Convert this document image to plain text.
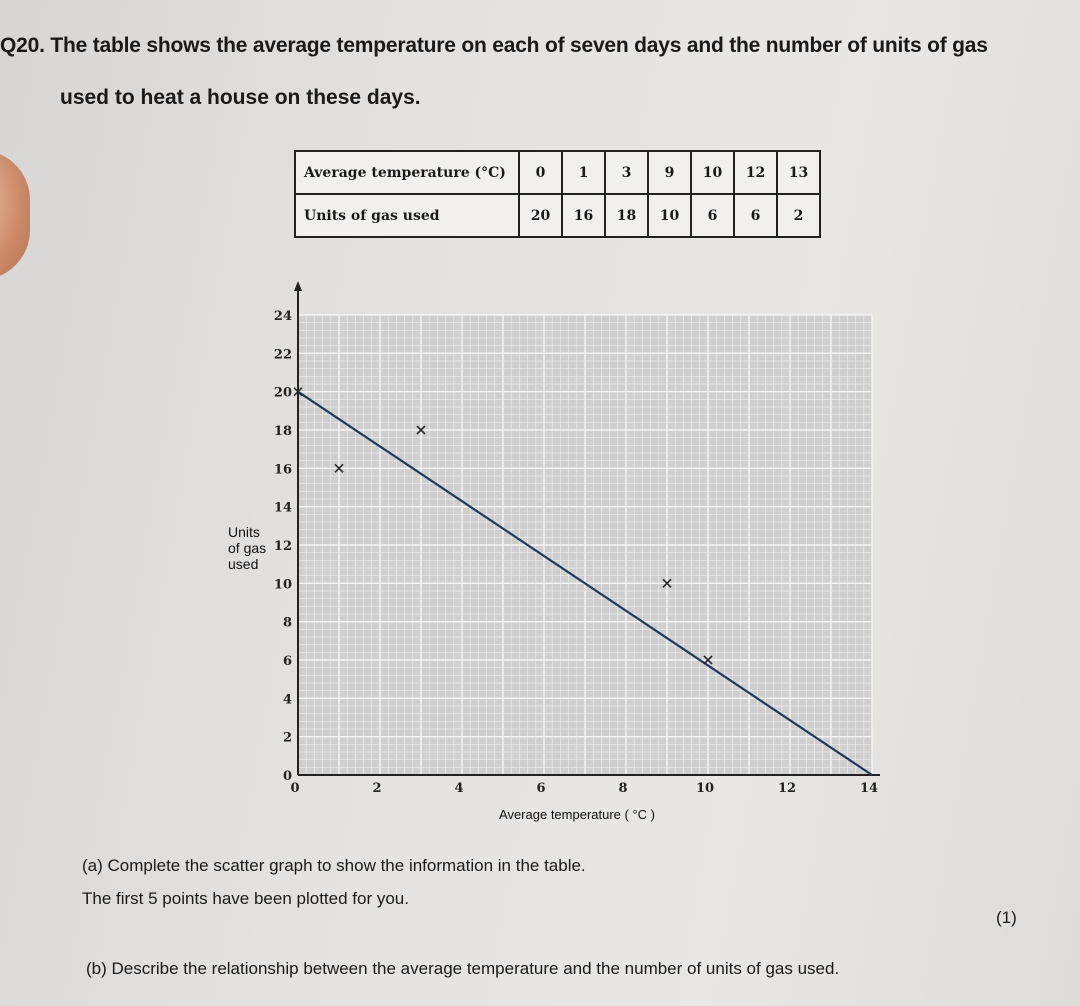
Q20. The table shows the average temperature on each of seven days and the number of units of gas
used to heat a house on these days.
Average temperature (°C)	0	1	3	9	10	12	13
Units of gas used	20	16	18	10	6	6	2
0
2
4
6
8
10
12
14
16
18
20
22
24
0	2	4	6	8	10	12	14
Average temperature ( °C )
Units
of gas
used
(a) Complete the scatter graph to show the information in the table.
The first 5 points have been plotted for you.
(1)
(b) Describe the relationship between the average temperature and the number of units of gas used.
